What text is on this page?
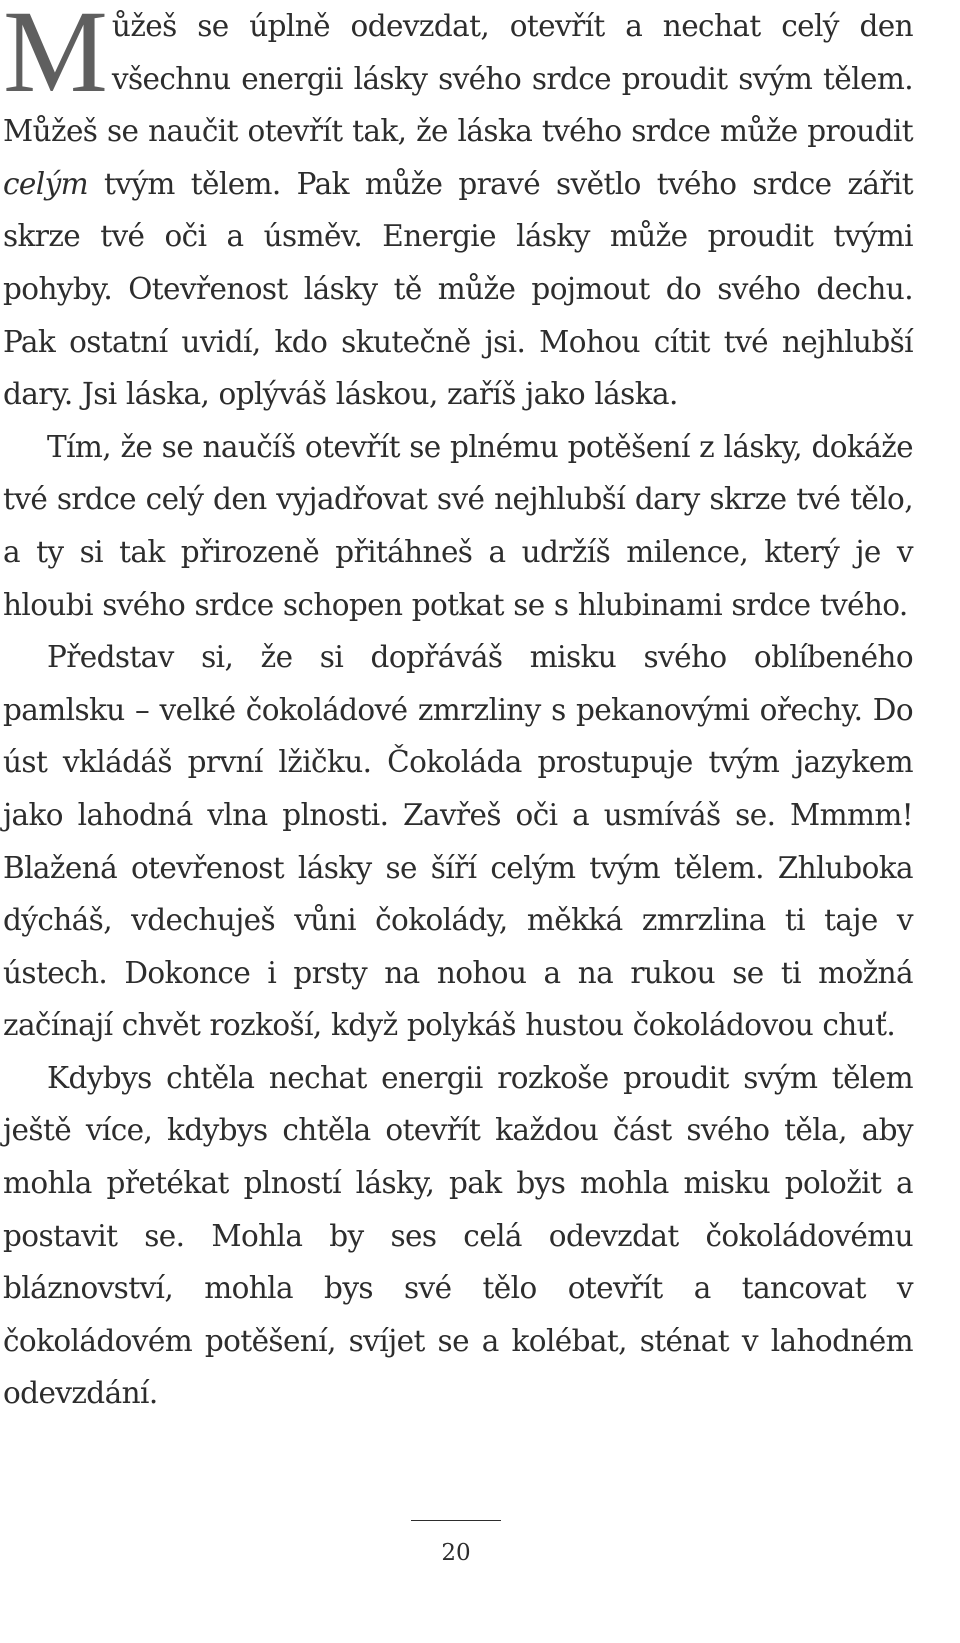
Můžeš se úplně odevzdat, otevřít a nechat celý den všechnu energii lásky svého srdce proudit svým tělem. Můžeš se naučit otevřít tak, že láska tvého srdce může proudit celým tvým tělem. Pak může pravé světlo tvého srdce zářit skrze tvé oči a úsměv. Energie lásky může proudit tvými pohyby. Otevřenost lásky tě může pojmout do svého dechu. Pak ostatní uvidí, kdo skutečně jsi. Mohou cítit tvé nejhlubší dary. Jsi láska, oplýváš láskou, zaříš jako láska.

Tím, že se naučíš otevřít se plnému potěšení z lásky, dokáže tvé srdce celý den vyjadřovat své nejhlubší dary skrze tvé tělo, a ty si tak přirozeně přitáhneš a udržíš milence, který je v hloubi svého srdce schopen potkat se s hlubinami srdce tvého.

Představ si, že si dopřáváš misku svého oblíbeného pamlsku – velké čokoládové zmrzliny s pekanovými ořechy. Do úst vkládáš první lžičku. Čokoláda prostupuje tvým jazykem jako lahodná vlna plnosti. Zavřeš oči a usmíváš se. Mmmm! Blažená otevřenost lásky se šíří celým tvým tělem. Zhluboka dýcháš, vdechuješ vůni čokolády, měkká zmrzlina ti taje v ústech. Dokonce i prsty na nohou a na rukou se ti možná začínají chvět rozkoší, když polykáš hustou čokoládovou chuť.

Kdybys chtěla nechat energii rozkoše proudit svým tělem ještě více, kdybys chtěla otevřít každou část svého těla, aby mohla přetékat plností lásky, pak bys mohla misku položit a postavit se. Mohla by ses celá odevzdat čokoládovému bláznovství, mohla bys své tělo otevřít a tancovat v čokoládovém potěšení, svíjet se a kolébat, sténat v lahodném odevzdání.

20
